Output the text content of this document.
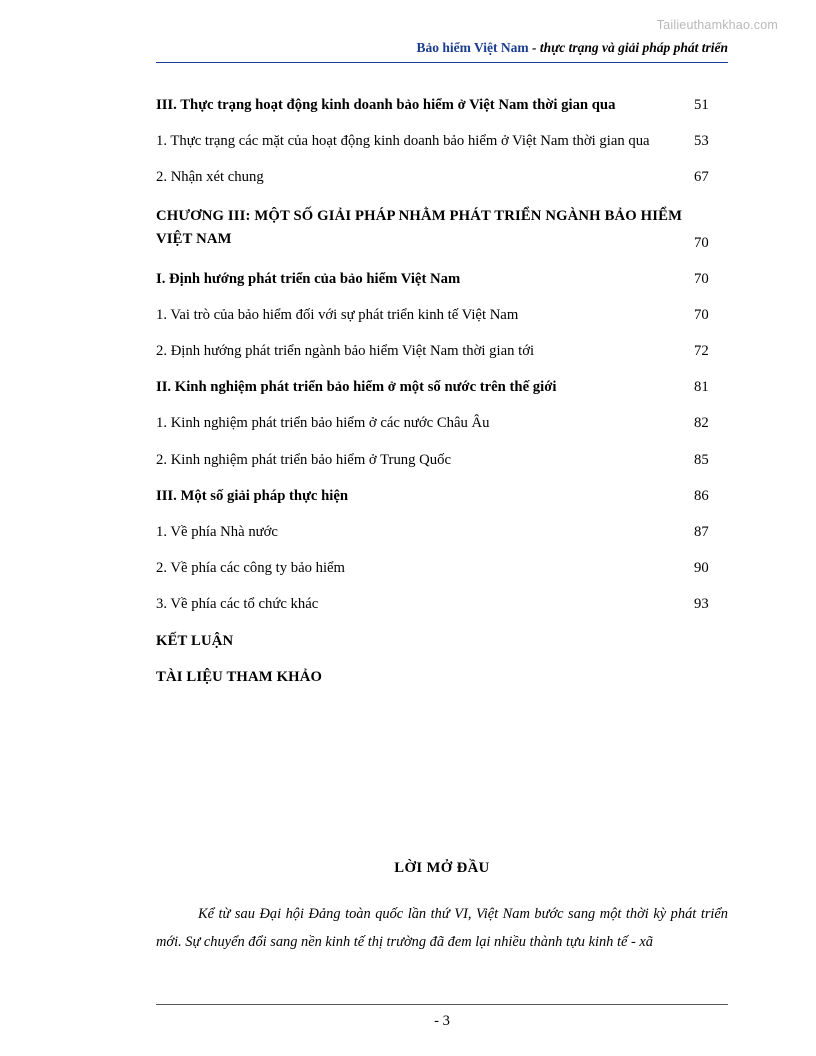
Tailieuthamkhao.com
Bảo hiểm Việt Nam - thực trạng và giải pháp phát triển
III. Thực trạng hoạt động kinh doanh bảo hiểm ở Việt Nam thời gian qua	51
1. Thực trạng các mặt của hoạt động kinh doanh bảo hiểm ở Việt Nam thời gian qua	53
2. Nhận xét chung	67
CHƯƠNG III: MỘT SỐ GIẢI PHÁP NHẰM PHÁT TRIỂN NGÀNH BẢO HIỂM VIỆT NAM	70
I. Định hướng phát triển của bảo hiểm Việt Nam	70
1. Vai trò của bảo hiểm đối với sự phát triển kinh tế Việt Nam	70
2. Định hướng phát triển ngành bảo hiểm Việt Nam thời gian tới	72
II. Kinh nghiệm phát triển bảo hiểm ở một số nước trên thế giới	81
1. Kinh nghiệm phát triển bảo hiểm ở các nước Châu Âu	82
2. Kinh nghiệm phát triển bảo hiểm ở Trung Quốc	85
III. Một số giải pháp thực hiện	86
1. Về phía Nhà nước	87
2. Về phía các công ty bảo hiểm	90
3. Về phía các tổ chức khác	93
KẾT LUẬN
TÀI LIỆU THAM KHẢO
LỜI MỞ ĐẦU
Kể từ sau Đại hội Đảng toàn quốc lần thứ VI, Việt Nam bước sang một thời kỳ phát triển mới. Sự chuyển đổi sang nền kinh tế thị trường đã đem lại nhiều thành tựu kinh tế - xã
- 3
